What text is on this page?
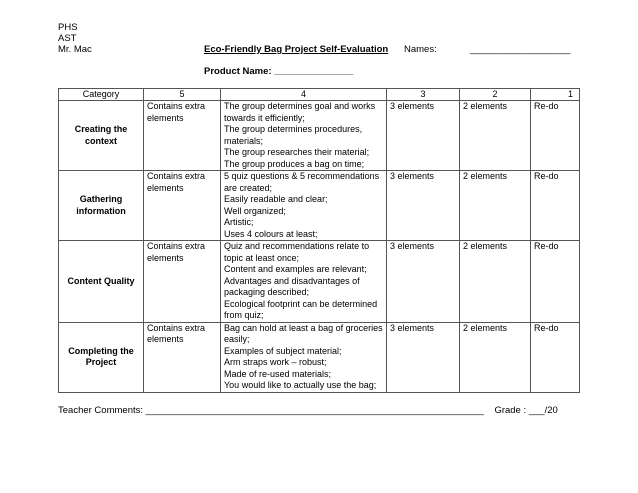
PHS
AST
Mr. Mac	Eco-Friendly Bag Project Self-Evaluation Names:	___________________
Product Name: _______________
Category	5	4	3	2	1
Creating the context	Contains extra elements	The group determines goal and works towards it efficiently;
The group determines procedures, materials;
The group researches their material;
The group produces a bag on time;	3 elements	2 elements	Re-do
Gathering information	Contains extra elements	5 quiz questions & 5 recommendations are created;
Easily readable and clear;
Well organized;
Artistic;
Uses 4 colours at least;	3 elements	2 elements	Re-do
Content Quality	Contains extra elements	Quiz and recommendations relate to topic at least once;
Content and examples are relevant;
Advantages and disadvantages of packaging described;
Ecological footprint can be determined from quiz;	3 elements	2 elements	Re-do
Completing the Project	Contains extra elements	Bag can hold at least a bag of groceries easily;
Examples of subject material;
Arm straps work – robust;
Made of re-used materials;
You would like to actually use the bag;	3 elements	2 elements	Re-do
Teacher Comments: ________________________________________________________________ Grade : ___/20
